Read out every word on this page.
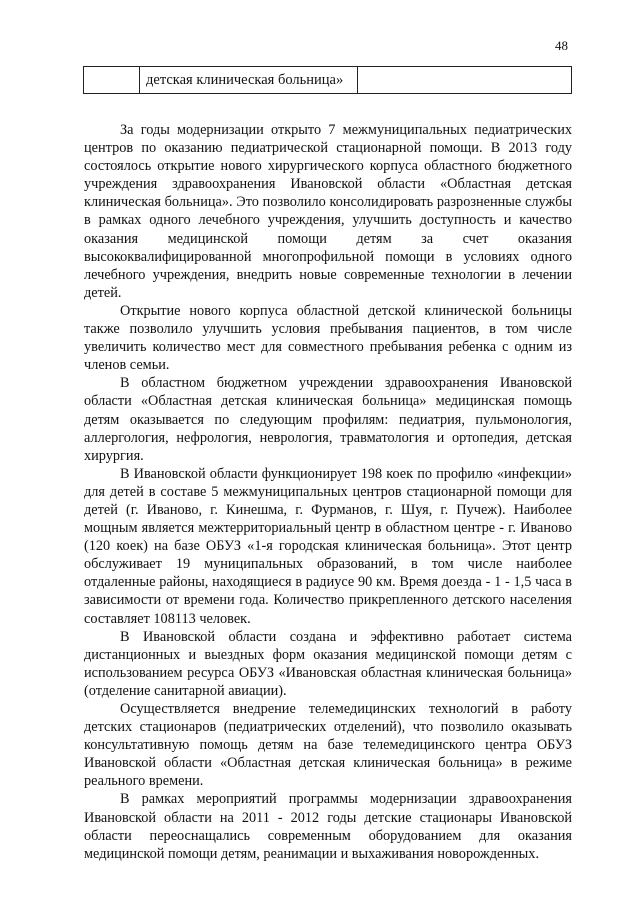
48
	детская клиническая больница»	

За годы модернизации открыто 7 межмуниципальных педиатрических центров по оказанию педиатрической стационарной помощи. В 2013 году состоялось открытие нового хирургического корпуса областного бюджетного учреждения здравоохранения Ивановской области «Областная детская клиническая больница». Это позволило консолидировать разрозненные службы в рамках одного лечебного учреждения, улучшить доступность и качество оказания медицинской помощи детям за счет оказания высококвалифицированной многопрофильной помощи в условиях одного лечебного учреждения, внедрить новые современные технологии в лечении детей.

Открытие нового корпуса областной детской клинической больницы также позволило улучшить условия пребывания пациентов, в том числе увеличить количество мест для совместного пребывания ребенка с одним из членов семьи.

В областном бюджетном учреждении здравоохранения Ивановской области «Областная детская клиническая больница» медицинская помощь детям оказывается по следующим профилям: педиатрия, пульмонология, аллергология, нефрология, неврология, травматология и ортопедия, детская хирургия.

В Ивановской области функционирует 198 коек по профилю «инфекции» для детей в составе 5 межмуниципальных центров стационарной помощи для детей (г. Иваново, г. Кинешма, г. Фурманов, г. Шуя, г. Пучеж). Наиболее мощным является межтерриториальный центр в областном центре - г. Иваново (120 коек) на базе ОБУЗ «1-я городская клиническая больница». Этот центр обслуживает 19 муниципальных образований, в том числе наиболее отдаленные районы, находящиеся в радиусе 90 км. Время доезда - 1 - 1,5 часа в зависимости от времени года. Количество прикрепленного детского населения составляет 108113 человек.

В Ивановской области создана и эффективно работает система дистанционных и выездных форм оказания медицинской помощи детям с использованием ресурса ОБУЗ «Ивановская областная клиническая больница» (отделение санитарной авиации).

Осуществляется внедрение телемедицинских технологий в работу детских стационаров (педиатрических отделений), что позволило оказывать консультативную помощь детям на базе телемедицинского центра ОБУЗ Ивановской области «Областная детская клиническая больница» в режиме реального времени.

В рамках мероприятий программы модернизации здравоохранения Ивановской области на 2011 - 2012 годы детские стационары Ивановской области переоснащались современным оборудованием для оказания медицинской помощи детям, реанимации и выхаживания новорожденных.
